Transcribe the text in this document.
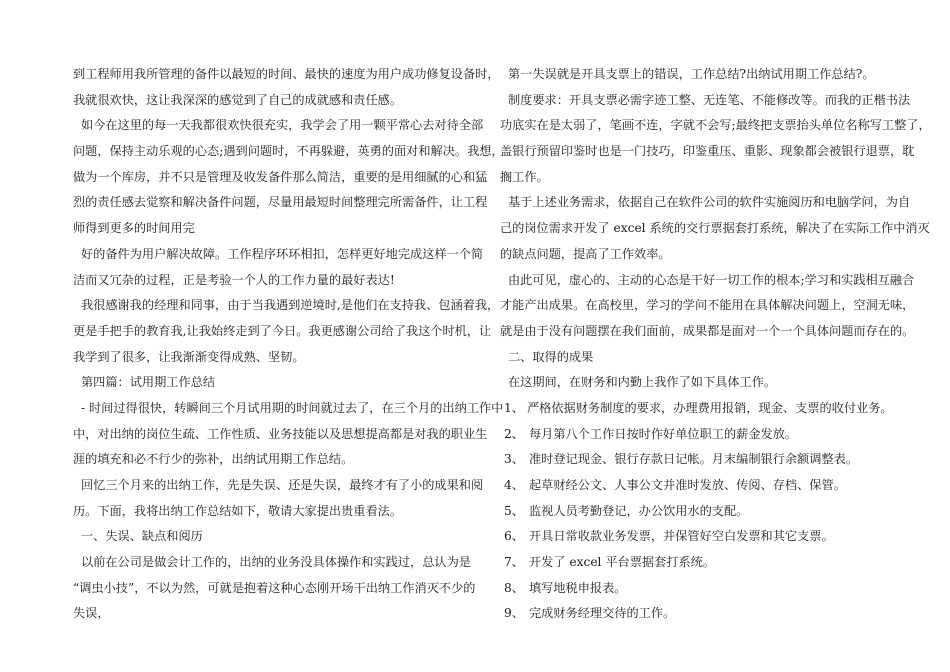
到工程师用我所管理的备件以最短的时间、最快的速度为用户成功修复设备时，
我就很欢快，这让我深深的感觉到了自己的成就感和责任感。
如今在这里的每一天我都很欢快很充实，我学会了用一颗平常心去对待全部
问题，保持主动乐观的心态;遇到问题时，不再躲避，英勇的面对和解决。我想，
做为一个库房，并不只是管理及收发备件那么简洁，重要的是用细腻的心和猛
烈的责任感去觉察和解决备件问题，尽量用最短时间整理完所需备件，让工程
师得到更多的时间用完
好的备件为用户解决故障。工作程序环环相扣，怎样更好地完成这样一个简
洁而又冗杂的过程，正是考验一个人的工作力量的最好表达!
我很感谢我的经理和同事，由于当我遇到逆境时,是他们在支持我、包涵着我，
更是手把手的教育我,让我始终走到了今日。我更感谢公司给了我这个时机，让
我学到了很多，让我渐渐变得成熟、坚韧。
第四篇：试用期工作总结
- 时间过得很快，转瞬间三个月试用期的时间就过去了，在三个月的出纳工作中
中，对出纳的岗位生疏、工作性质、业务技能以及思想提高都是对我的职业生
涯的填充和必不行少的弥补，出纳试用期工作总结。
回忆三个月来的出纳工作，先是失误、还是失误，最终才有了小的成果和阅
历。下面，我将出纳工作总结如下，敬请大家提出贵重看法。
一、失误、缺点和阅历
以前在公司是做会计工作的，出纳的业务没具体操作和实践过，总认为是
“调虫小技”，不以为然，可就是抱着这种心态刚开场干出纳工作消灭不少的
失误，
第一失误就是开具支票上的错误，工作总结?出纳试用期工作总结?。
制度要求：开具支票必需字迹工整、无连笔、不能修改等。而我的正楷书法
功底实在是太弱了，笔画不连，字就不会写;最终把支票抬头单位名称写工整了，
盖银行预留印鉴时也是一门技巧，印鉴重压、重影、现象都会被银行退票，耽
搁工作。
基于上述业务需求，依据自己在软件公司的软件实施阅历和电脑学问，为自
己的岗位需求开发了 excel 系统的交行票据套打系统，解决了在实际工作中消灭
的缺点问题，提高了工作效率。
由此可见，虚心的、主动的心态是干好一切工作的根本;学习和实践相互融合
才能产出成果。在高校里，学习的学问不能用在具体解决问题上，空洞无味，
就是由于没有问题摆在我们面前，成果都是面对一个一个具体问题而存在的。
二、取得的成果
在这期间，在财务和内勤上我作了如下具体工作。
1、 严格依据财务制度的要求，办理费用报销，现金、支票的收付业务。
2、 每月第八个工作日按时作好单位职工的薪金发放。
3、 准时登记现金、银行存款日记帐。月末编制银行余额调整表。
4、 起草财经公文、人事公文并准时发放、传阅、存档、保管。
5、 监视人员考勤登记，办公饮用水的支配。
6、 开具日常收款业务发票，并保管好空白发票和其它支票。
7、 开发了 excel 平台票据套打系统。
8、 填写地税申报表。
9、 完成财务经理交待的工作。
